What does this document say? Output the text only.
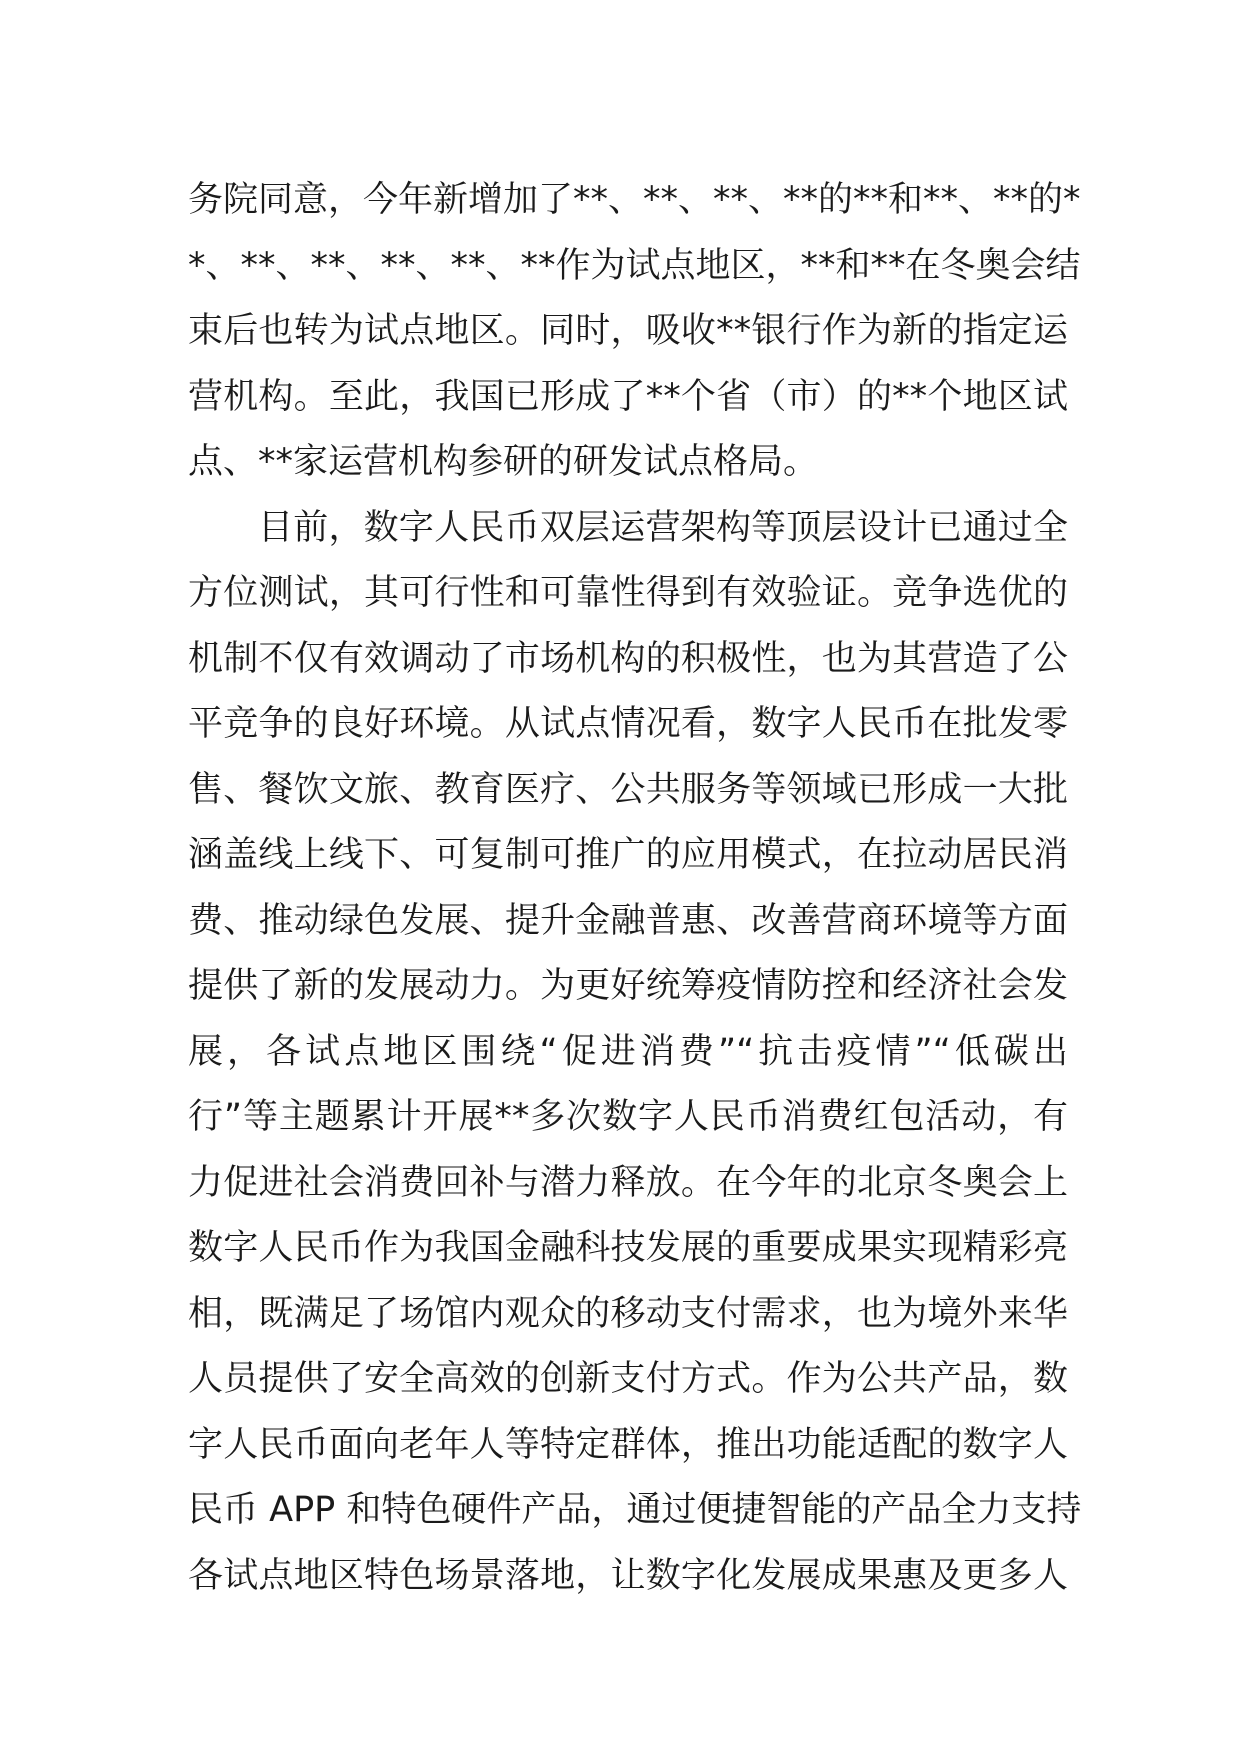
务院同意，今年新增加了**、**、**、**的**和**、**的*
*、**、**、**、**、**作为试点地区，**和**在冬奥会结
束后也转为试点地区。同时，吸收**银行作为新的指定运
营机构。至此，我国已形成了**个省（市）的**个地区试
点、**家运营机构参研的研发试点格局。
目前，数字人民币双层运营架构等顶层设计已通过全
方位测试，其可行性和可靠性得到有效验证。竞争选优的
机制不仅有效调动了市场机构的积极性，也为其营造了公
平竞争的良好环境。从试点情况看，数字人民币在批发零
售、餐饮文旅、教育医疗、公共服务等领域已形成一大批
涵盖线上线下、可复制可推广的应用模式，在拉动居民消
费、推动绿色发展、提升金融普惠、改善营商环境等方面
提供了新的发展动力。为更好统筹疫情防控和经济社会发
展，各试点地区围绕“促进消费”“抗击疫情”“低碳出
行”等主题累计开展**多次数字人民币消费红包活动，有
力促进社会消费回补与潜力释放。在今年的北京冬奥会上
数字人民币作为我国金融科技发展的重要成果实现精彩亮
相，既满足了场馆内观众的移动支付需求，也为境外来华
人员提供了安全高效的创新支付方式。作为公共产品，数
字人民币面向老年人等特定群体，推出功能适配的数字人
民币 APP 和特色硬件产品，通过便捷智能的产品全力支持
各试点地区特色场景落地，让数字化发展成果惠及更多人
